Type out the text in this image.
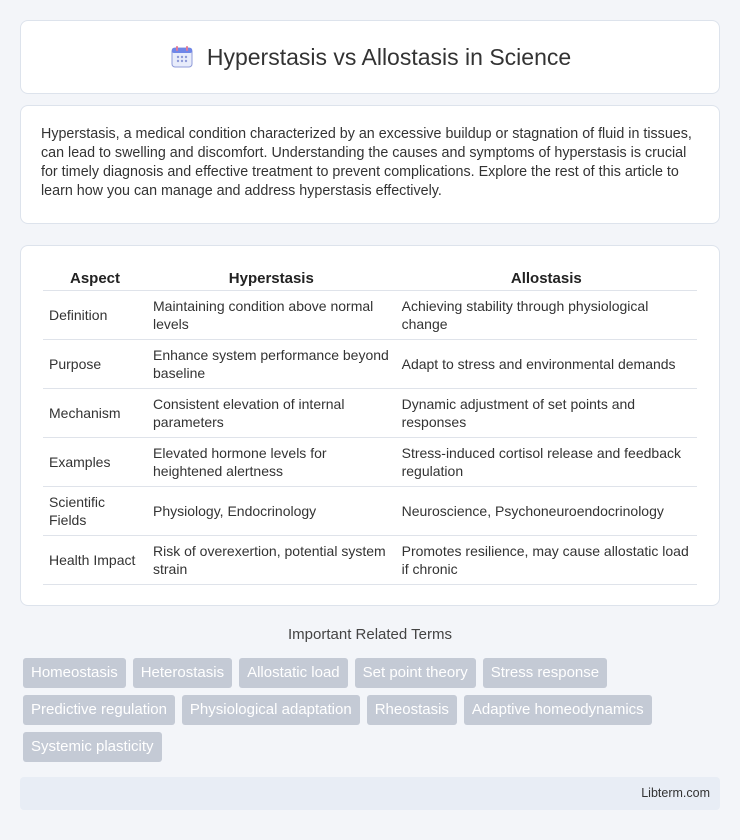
Hyperstasis vs Allostasis in Science

Hyperstasis, a medical condition characterized by an excessive buildup or stagnation of fluid in tissues, can lead to swelling and discomfort. Understanding the causes and symptoms of hyperstasis is crucial for timely diagnosis and effective treatment to prevent complications. Explore the rest of this article to learn how you can manage and address hyperstasis effectively.

Aspect	Hyperstasis	Allostasis
Definition	Maintaining condition above normal levels	Achieving stability through physiological change
Purpose	Enhance system performance beyond baseline	Adapt to stress and environmental demands
Mechanism	Consistent elevation of internal parameters	Dynamic adjustment of set points and responses
Examples	Elevated hormone levels for heightened alertness	Stress-induced cortisol release and feedback regulation
Scientific Fields	Physiology, Endocrinology	Neuroscience, Psychoneuroendocrinology
Health Impact	Risk of overexertion, potential system strain	Promotes resilience, may cause allostatic load if chronic
Important Related Terms
Homeostasis	Heterostasis	Allostatic load	Set point theory	Stress response
Predictive regulation	Physiological adaptation	Rheostasis	Adaptive homeodynamics
Systemic plasticity
Libterm.com
